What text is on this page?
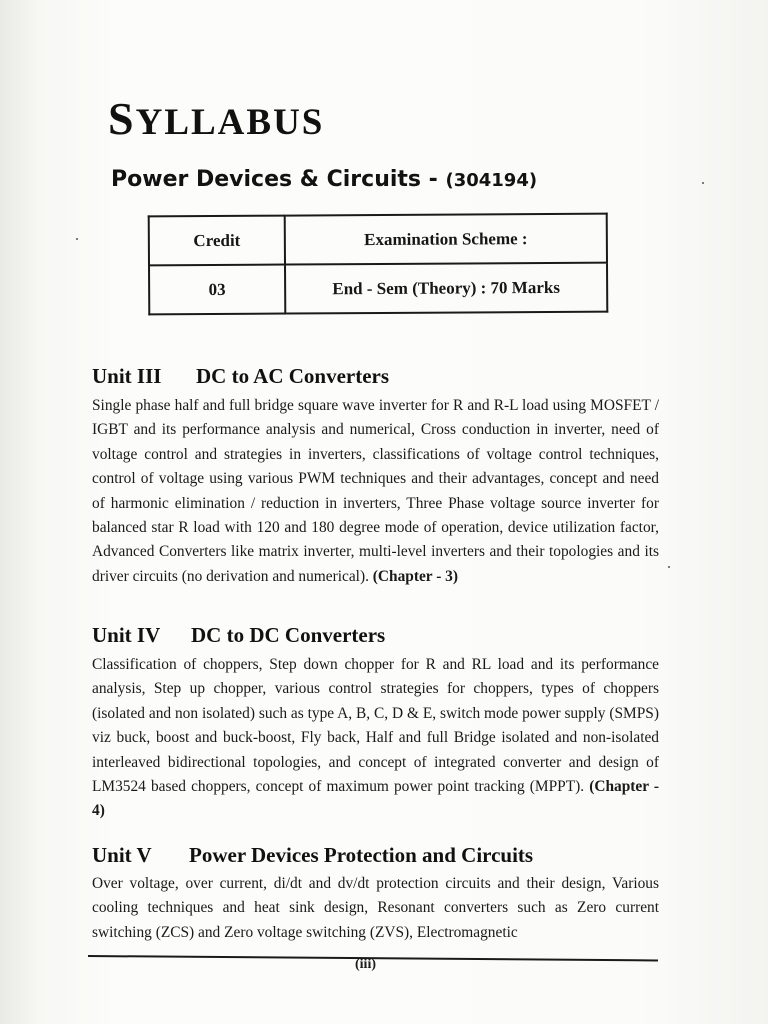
SYLLABUS
Power Devices & Circuits - (304194)
Credit	Examination Scheme :
03	End - Sem (Theory) : 70 Marks
Unit III DC to AC Converters

Single phase half and full bridge square wave inverter for R and R-L load using MOSFET / IGBT and its performance analysis and numerical, Cross conduction in inverter, need of voltage control and strategies in inverters, classifications of voltage control techniques, control of voltage using various PWM techniques and their advantages, concept and need of harmonic elimination / reduction in inverters, Three Phase voltage source inverter for balanced star R load with 120 and 180 degree mode of operation, device utilization factor, Advanced Converters like matrix inverter, multi-level inverters and their topologies and its driver circuits (no derivation and numerical). (Chapter - 3)

Unit IV DC to DC Converters

Classification of choppers, Step down chopper for R and RL load and its performance analysis, Step up chopper, various control strategies for choppers, types of choppers (isolated and non isolated) such as type A, B, C, D & E, switch mode power supply (SMPS) viz buck, boost and buck-boost, Fly back, Half and full Bridge isolated and non-isolated interleaved bidirectional topologies, and concept of integrated converter and design of LM3524 based choppers, concept of maximum power point tracking (MPPT). (Chapter - 4)

Unit V Power Devices Protection and Circuits

Over voltage, over current, di/dt and dv/dt protection circuits and their design, Various cooling techniques and heat sink design, Resonant converters such as Zero current switching (ZCS) and Zero voltage switching (ZVS), Electromagnetic

(iii)
